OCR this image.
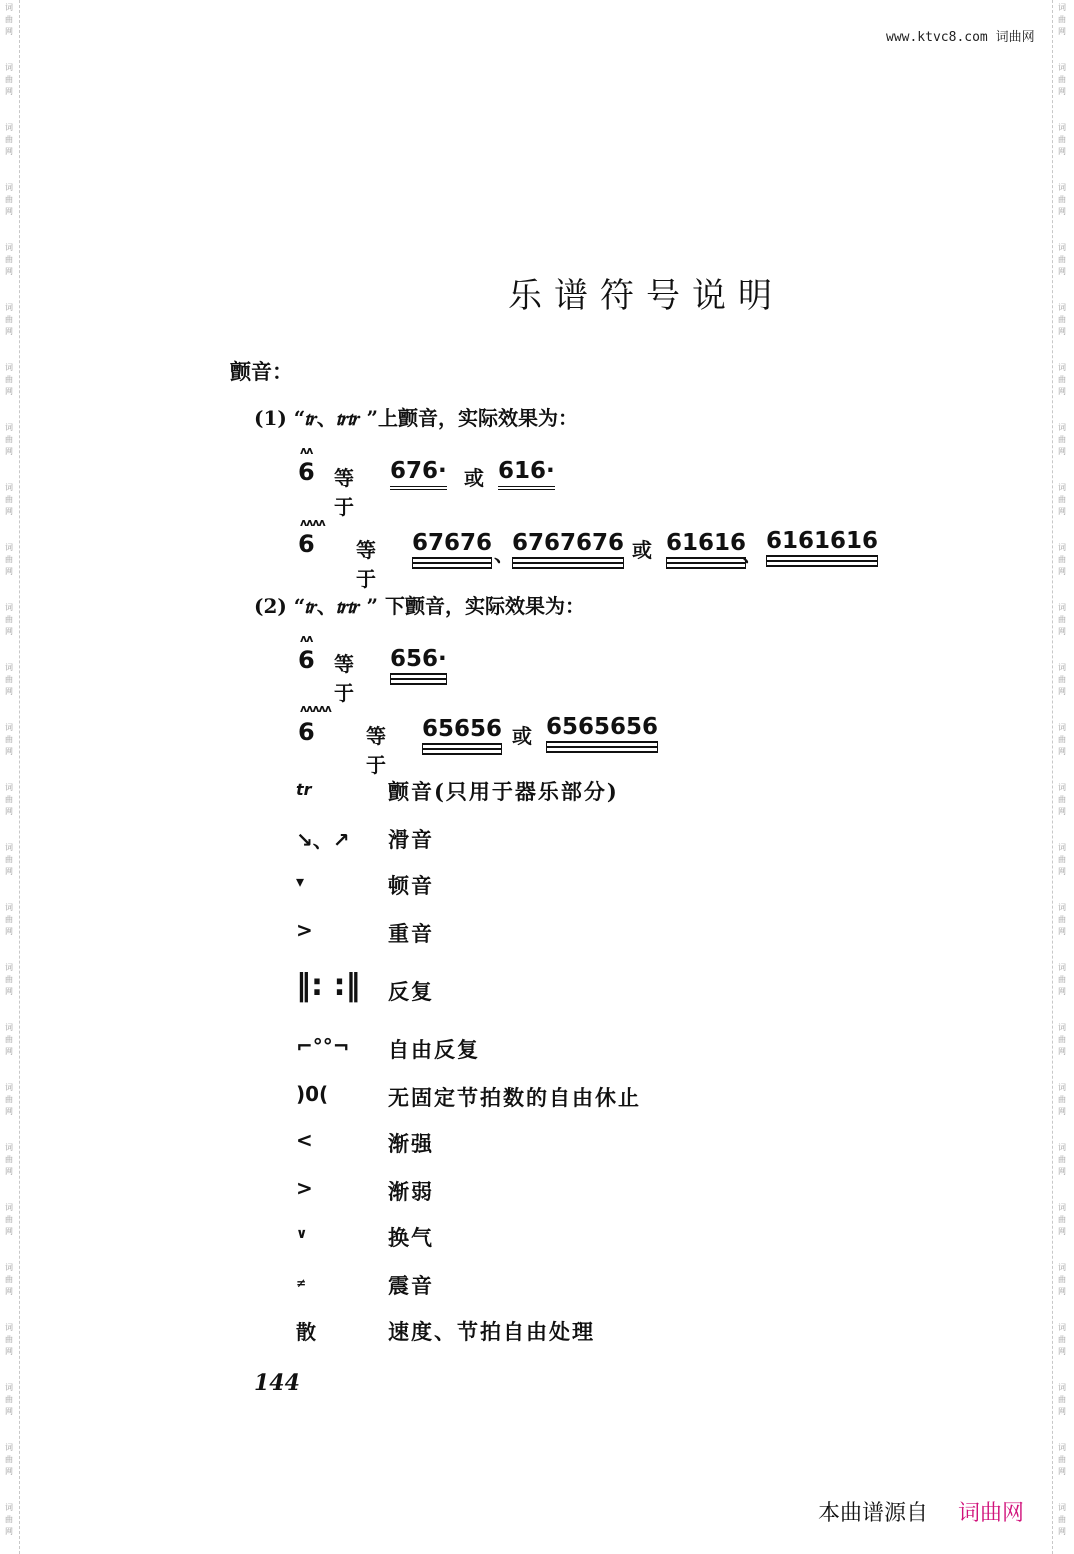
词
曲
网
词
曲
网
词
曲
网
词
曲
网
词
曲
网
词
曲
网
词
曲
网
词
曲
网
词
曲
网
词
曲
网
词
曲
网
词
曲
网
词
曲
网
词
曲
网
词
曲
网
词
曲
网
词
曲
网
词
曲
网
词
曲
网
词
曲
网
词
曲
网
词
曲
网
词
曲
网
词
曲
网
词
曲
网
词
曲
网
词
曲
网
词
曲
网
词
曲
网
词
曲
网
词
曲
网
词
曲
网
词
曲
网
词
曲
网
词
曲
网
词
曲
网
词
曲
网
词
曲
网
词
曲
网
词
曲
网
词
曲
网
词
曲
网
词
曲
网
词
曲
网
词
曲
网
词
曲
网
词
曲
网
词
曲
网
词
曲
网
词
曲
网
词
曲
网
词
曲
网
www.ktvc8.com 词曲网
乐谱符号说明
颤音：
(1) “𝆖、𝆖𝆖 ”上颤音，实际效果为：
ʌʌ
6 等于
676· 或 616·
ʌʌʌʌ
6 等于
67676 、
6767676 或 61616
、 6161616
(2) “𝆖、𝆖𝆖 ” 下颤音，实际效果为：
ʌʌ
6 等于
656·
ʌʌʌʌʌ
6	等于
65656 或 6565656
tr	颤音(只用于器乐部分)
↘、↗ 滑音
▾	顿音
>	重音
‖: :‖ 反复
⌐°°¬ 自由反复
)0(	无固定节拍数的自由休止
<	渐强
>	渐弱
∨	换气
≠	震音
散	速度、节拍自由处理
144
本曲谱源自 词曲网
